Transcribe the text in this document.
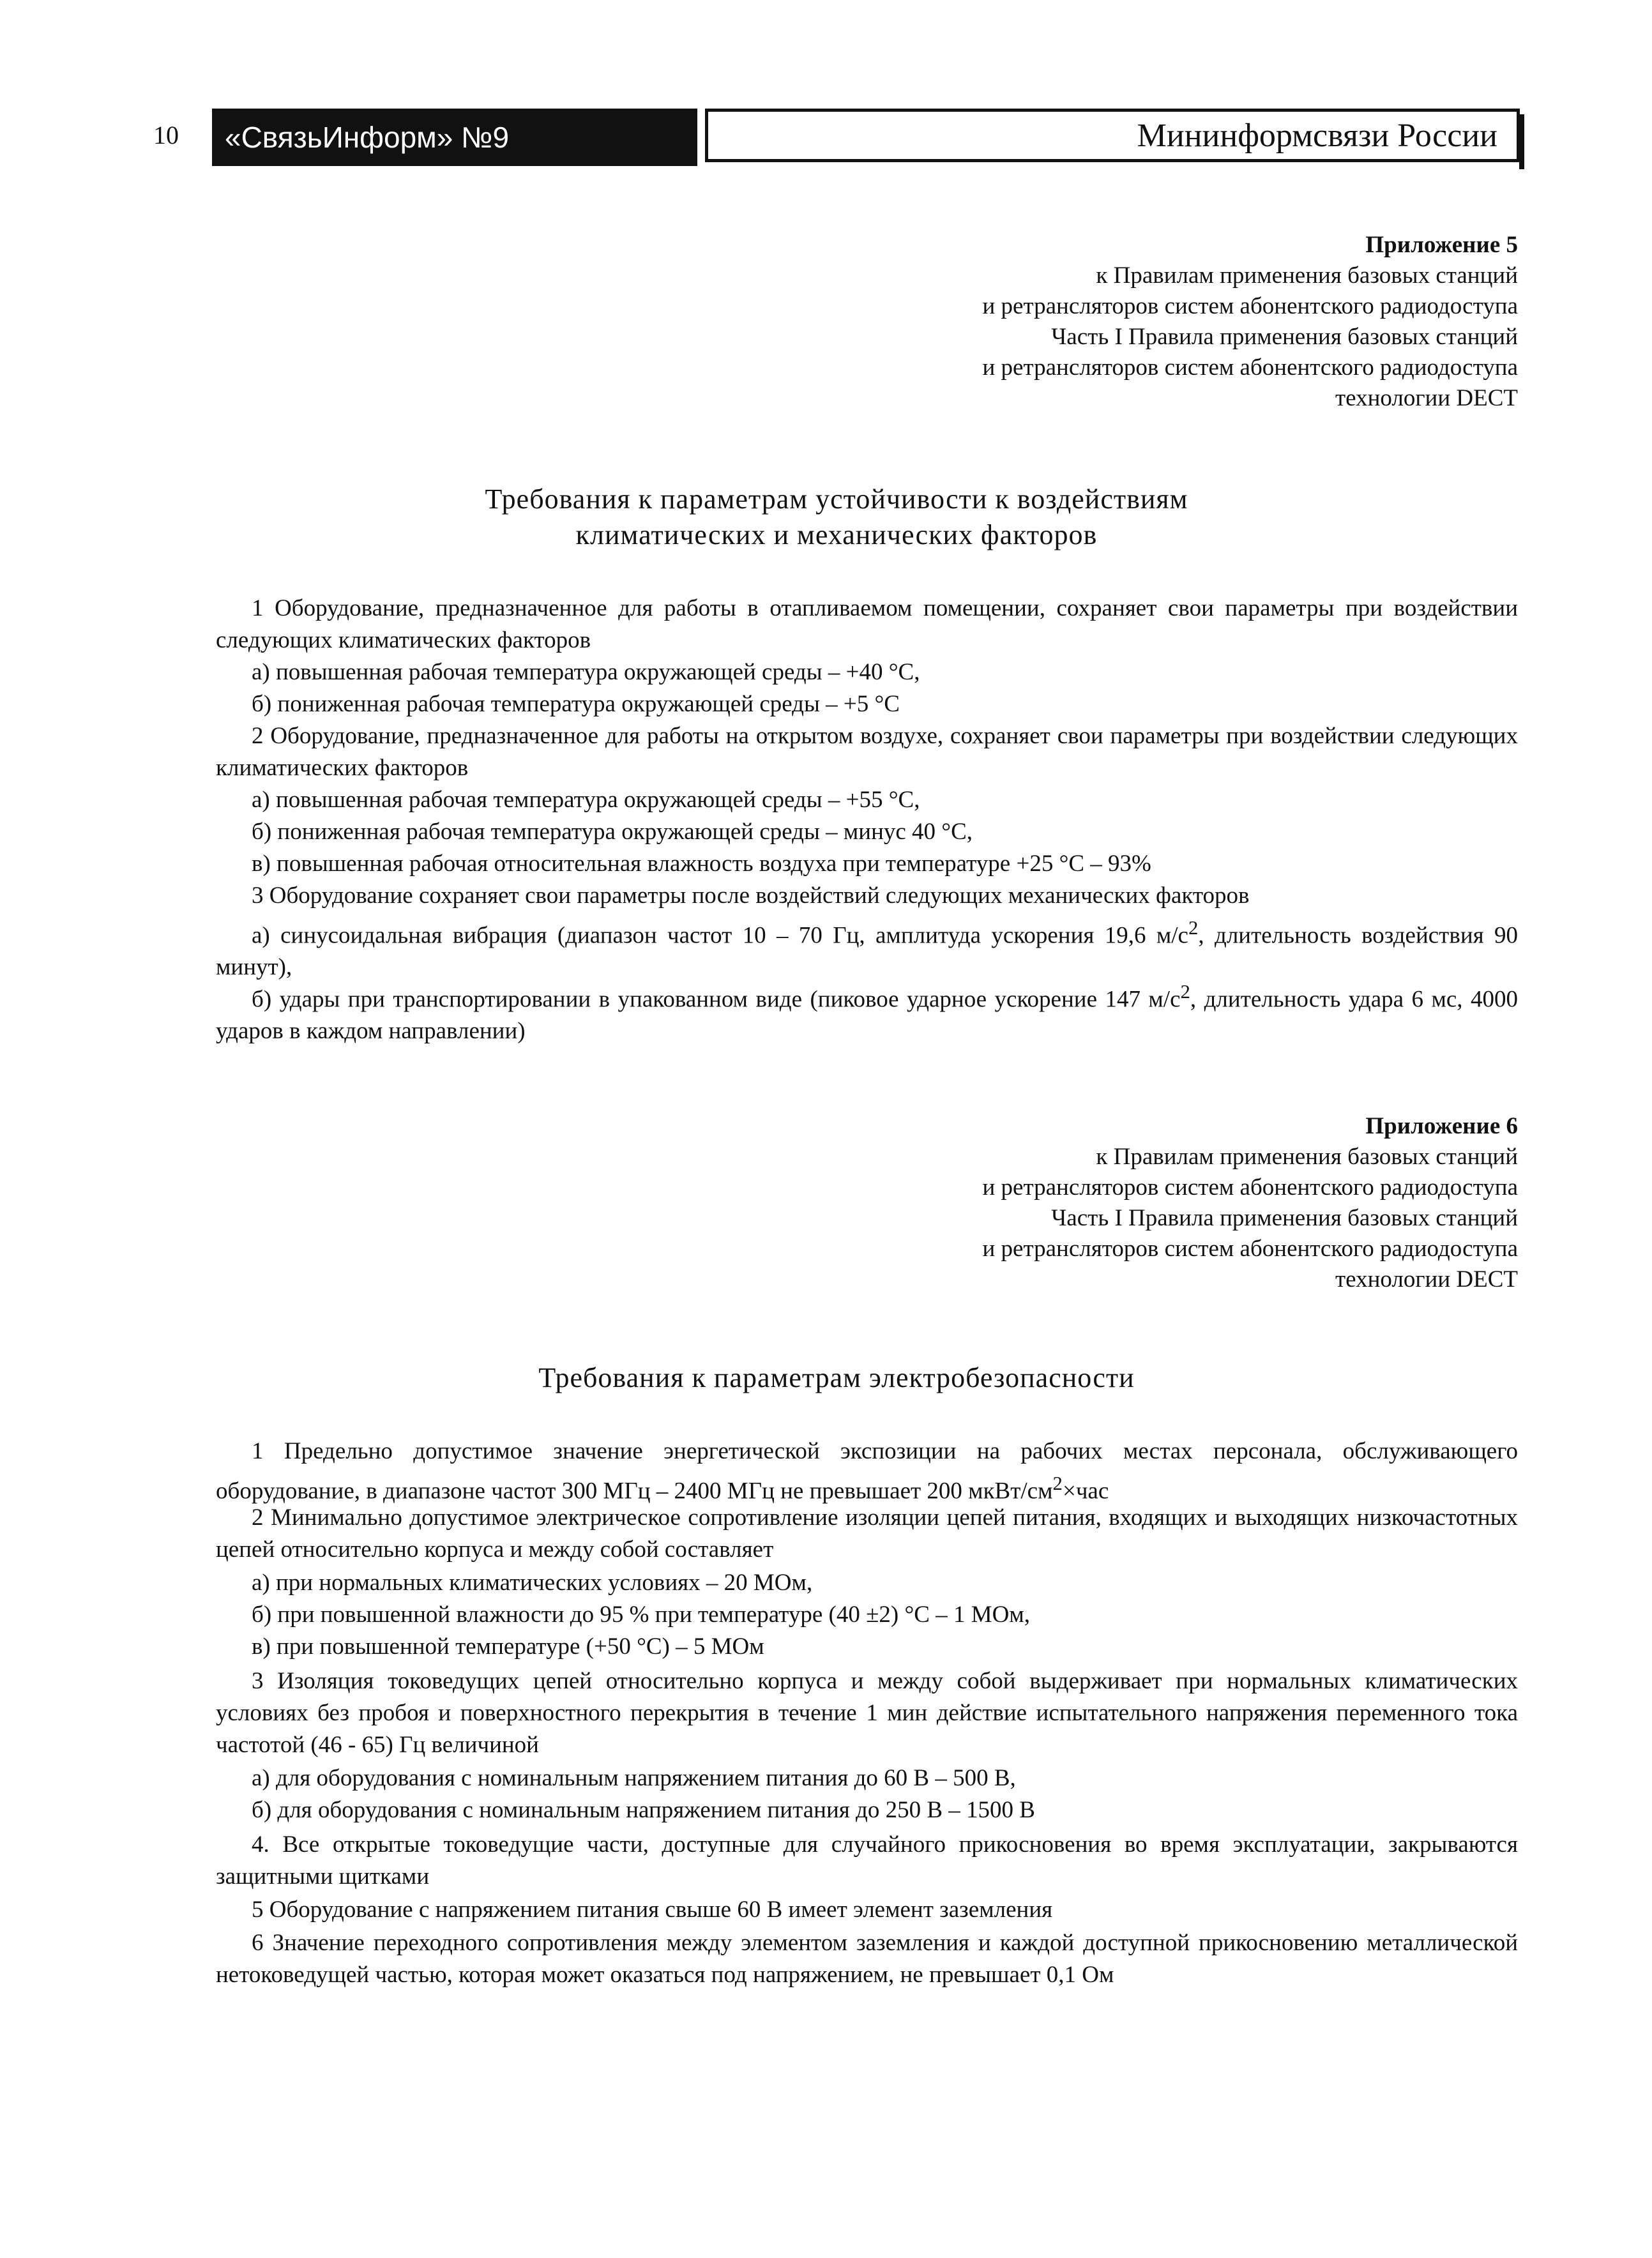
10	«СвязьИнформ» №9	Мининформсвязи России
Приложение 5
к Правилам применения базовых станций
и ретрансляторов систем абонентского радиодоступа
Часть I Правила применения базовых станций
и ретрансляторов систем абонентского радиодоступа
технологии DECT
Требования к параметрам устойчивости к воздействиям
климатических и механических факторов
1 Оборудование, предназначенное для работы в отапливаемом помещении, сохраняет свои параметры при воздействии следующих климатических факторов
а) повышенная рабочая температура окружающей среды – +40 °С,
б) пониженная рабочая температура окружающей среды – +5 °С
2 Оборудование, предназначенное для работы на открытом воздухе, сохраняет свои параметры при воздействии следующих климатических факторов
а) повышенная рабочая температура окружающей среды – +55 °С,
б) пониженная рабочая температура окружающей среды – минус 40 °С,
в) повышенная рабочая относительная влажность воздуха при температуре +25 °С – 93%
3 Оборудование сохраняет свои параметры после воздействий следующих механических факторов
а) синусоидальная вибрация (диапазон частот 10 – 70 Гц, амплитуда ускорения 19,6 $м/с^2$, длительность воздействия 90 минут),
б) удары при транспортировании в упакованном виде (пиковое ударное ускорение 147 $м/с^2$, длительность удара 6 мс, 4000 ударов в каждом направлении)
Приложение 6
к Правилам применения базовых станций
и ретрансляторов систем абонентского радиодоступа
Часть I Правила применения базовых станций
и ретрансляторов систем абонентского радиодоступа
технологии DECT
Требования к параметрам электробезопасности
1 Предельно допустимое значение энергетической экспозиции на рабочих местах персонала, обслуживающего оборудование, в диапазоне частот 300 МГц – 2400 МГц не превышает 200 мкВт/$см^2\times час$
2 Минимально допустимое электрическое сопротивление изоляции цепей питания, входящих и выходящих низкочастотных цепей относительно корпуса и между собой составляет
а) при нормальных климатических условиях – 20 МОм,
б) при повышенной влажности до 95 % при температуре (40 ±2) °С – 1 МОм,
в) при повышенной температуре (+50 °С) – 5 МОм
3 Изоляция токоведущих цепей относительно корпуса и между собой выдерживает при нормальных климатических условиях без пробоя и поверхностного перекрытия в течение 1 мин действие испытательного напряжения переменного тока частотой (46 - 65) Гц величиной
а) для оборудования с номинальным напряжением питания до 60 В – 500 В,
б) для оборудования с номинальным напряжением питания до 250 В – 1500 В
4. Все открытые токоведущие части, доступные для случайного прикосновения во время эксплуатации, закрываются защитными щитками
5 Оборудование с напряжением питания свыше 60 В имеет элемент заземления
6 Значение переходного сопротивления между элементом заземления и каждой доступной прикосновению металлической нетоковедущей частью, которая может оказаться под напряжением, не превышает 0,1 Ом
